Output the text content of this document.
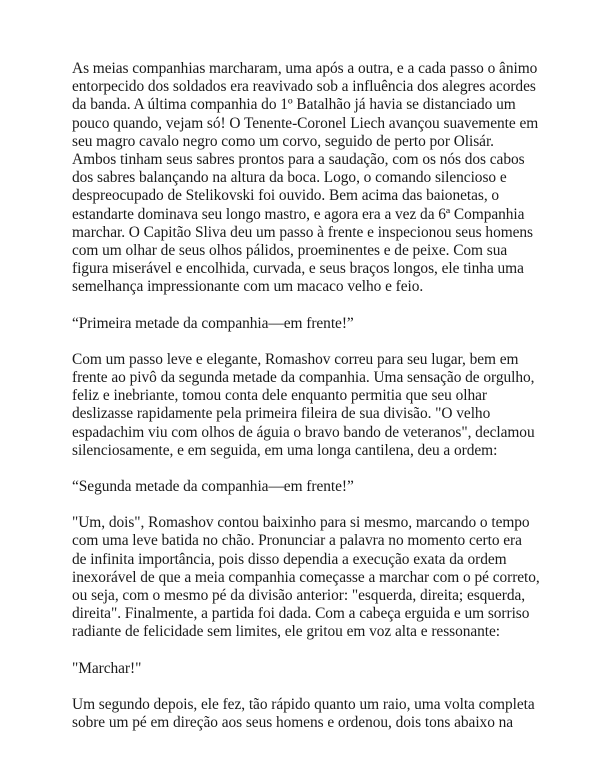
As meias companhias marcharam, uma após a outra, e a cada passo o ânimo entorpecido dos soldados era reavivado sob a influência dos alegres acordes da banda. A última companhia do 1º Batalhão já havia se distanciado um pouco quando, vejam só! O Tenente-Coronel Liech avançou suavemente em seu magro cavalo negro como um corvo, seguido de perto por Olisár. Ambos tinham seus sabres prontos para a saudação, com os nós dos cabos dos sabres balançando na altura da boca. Logo, o comando silencioso e despreocupado de Stelikovski foi ouvido. Bem acima das baionetas, o estandarte dominava seu longo mastro, e agora era a vez da 6ª Companhia marchar. O Capitão Sliva deu um passo à frente e inspecionou seus homens com um olhar de seus olhos pálidos, proeminentes e de peixe. Com sua figura miserável e encolhida, curvada, e seus braços longos, ele tinha uma semelhança impressionante com um macaco velho e feio.

“Primeira metade da companhia—em frente!”

Com um passo leve e elegante, Romashov correu para seu lugar, bem em frente ao pivô da segunda metade da companhia. Uma sensação de orgulho, feliz e inebriante, tomou conta dele enquanto permitia que seu olhar deslizasse rapidamente pela primeira fileira de sua divisão. "O velho espadachim viu com olhos de águia o bravo bando de veteranos", declamou silenciosamente, e em seguida, em uma longa cantilena, deu a ordem:

“Segunda metade da companhia—em frente!”

"Um, dois", Romashov contou baixinho para si mesmo, marcando o tempo com uma leve batida no chão. Pronunciar a palavra no momento certo era de infinita importância, pois disso dependia a execução exata da ordem inexorável de que a meia companhia começasse a marchar com o pé correto, ou seja, com o mesmo pé da divisão anterior: "esquerda, direita; esquerda, direita". Finalmente, a partida foi dada. Com a cabeça erguida e um sorriso radiante de felicidade sem limites, ele gritou em voz alta e ressonante:

"Marchar!"

Um segundo depois, ele fez, tão rápido quanto um raio, uma volta completa sobre um pé em direção aos seus homens e ordenou, dois tons abaixo na
